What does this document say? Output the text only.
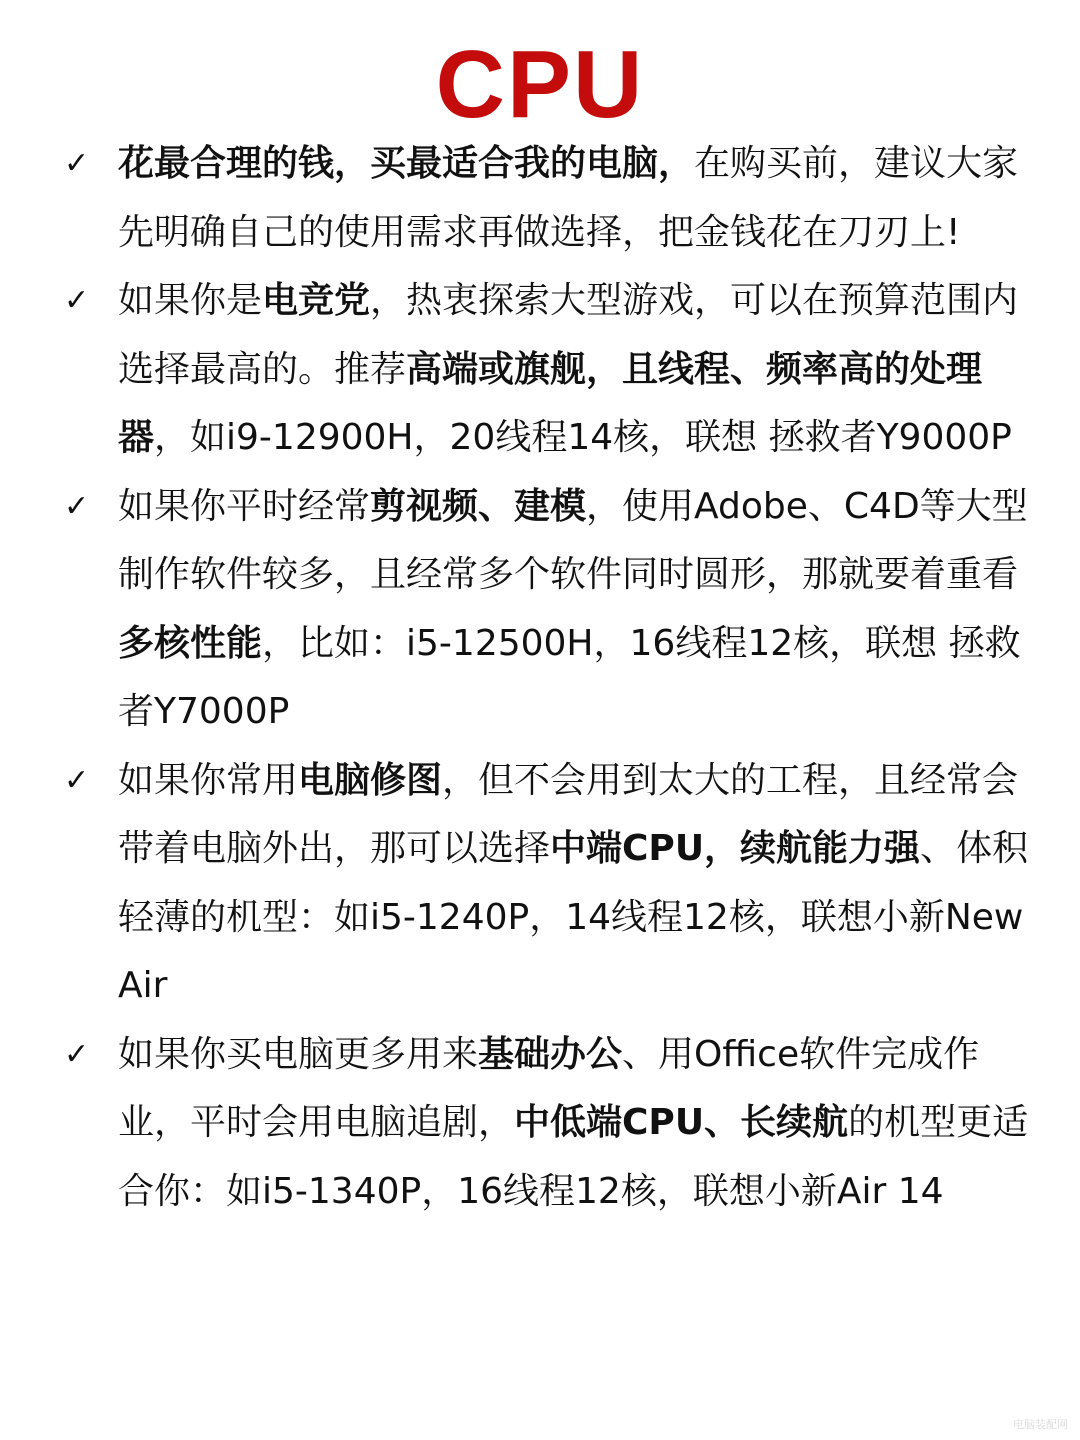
CPU
✓ 花最合理的钱，买最适合我的电脑，在购买前，建议大家先明确自己的使用需求再做选择，把金钱花在刀刃上!
✓ 如果你是电竞党，热衷探索大型游戏，可以在预算范围内选择最高的。推荐高端或旗舰，且线程、频率高的处理器，如i9-12900H，20线程14核，联想 拯救者Y9000P
✓ 如果你平时经常剪视频、建模，使用Adobe、C4D等大型制作软件较多，且经常多个软件同时圆形，那就要着重看多核性能，比如：i5-12500H，16线程12核，联想 拯救者Y7000P
✓ 如果你常用电脑修图，但不会用到太大的工程，且经常会带着电脑外出，那可以选择中端CPU，续航能力强、体积轻薄的机型：如i5-1240P，14线程12核，联想小新New Air
✓ 如果你买电脑更多用来基础办公、用Office软件完成作业，平时会用电脑追剧，中低端CPU、长续航的机型更适合你：如i5-1340P，16线程12核，联想小新Air 14
电脑装配网
